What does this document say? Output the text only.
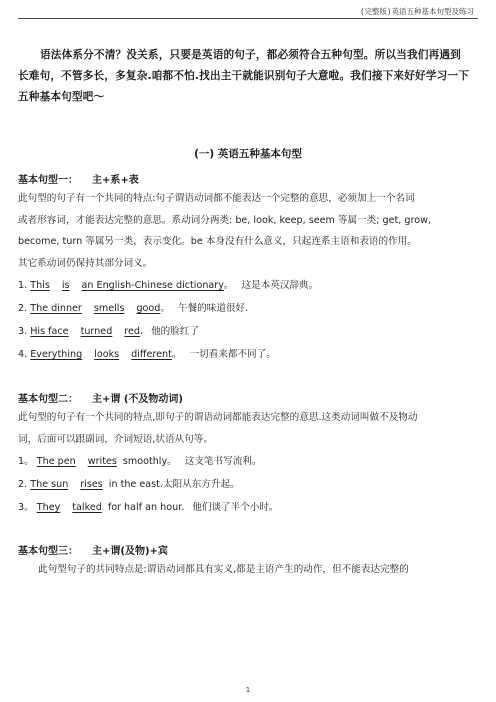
(完整版)英语五种基本句型及练习
语法体系分不清？没关系，只要是英语的句子，都必须符合五种句型。所以当我们再遇到
长难句，不管多长，多复杂.咱都不怕.找出主干就能识别句子大意啦。我们接下来好好学习一下
五种基本句型吧～
(一) 英语五种基本句型
基本句型一： 主+系+表
此句型的句子有一个共同的特点:句子谓语动词都不能表达一个完整的意思，必须加上一个名词
或者形容词，才能表达完整的意思。系动词分两类: be, look, keep, seem 等属一类; get, grow,
become, turn 等属另一类，表示变化。be 本身没有什么意义，只起连系主语和表语的作用。
其它系动词仍保持其部分词义。
1. This is an English-Chinese dictionary。 这是本英汉辞典。
2. The dinner smells good。 午餐的味道很好.
3. His face turned red. 他的脸红了
4. Everything looks different。 一切看来都不同了。
基本句型二： 主+谓 (不及物动词)
此句型的句子有一个共同的特点,即句子的谓语动词都能表达完整的意思.这类动词叫做不及物动
词，后面可以跟副词，介词短语,状语从句等。
1。 The pen writes smoothly。 这支笔书写流利。
2. The sun rises in the east.太阳从东方升起。
3。 They talked for half an hour. 他们谈了半个小时。
基本句型三： 主+谓(及物)+宾
此句型句子的共同特点是:谓语动词都具有实义,都是主语产生的动作，但不能表达完整的
1
